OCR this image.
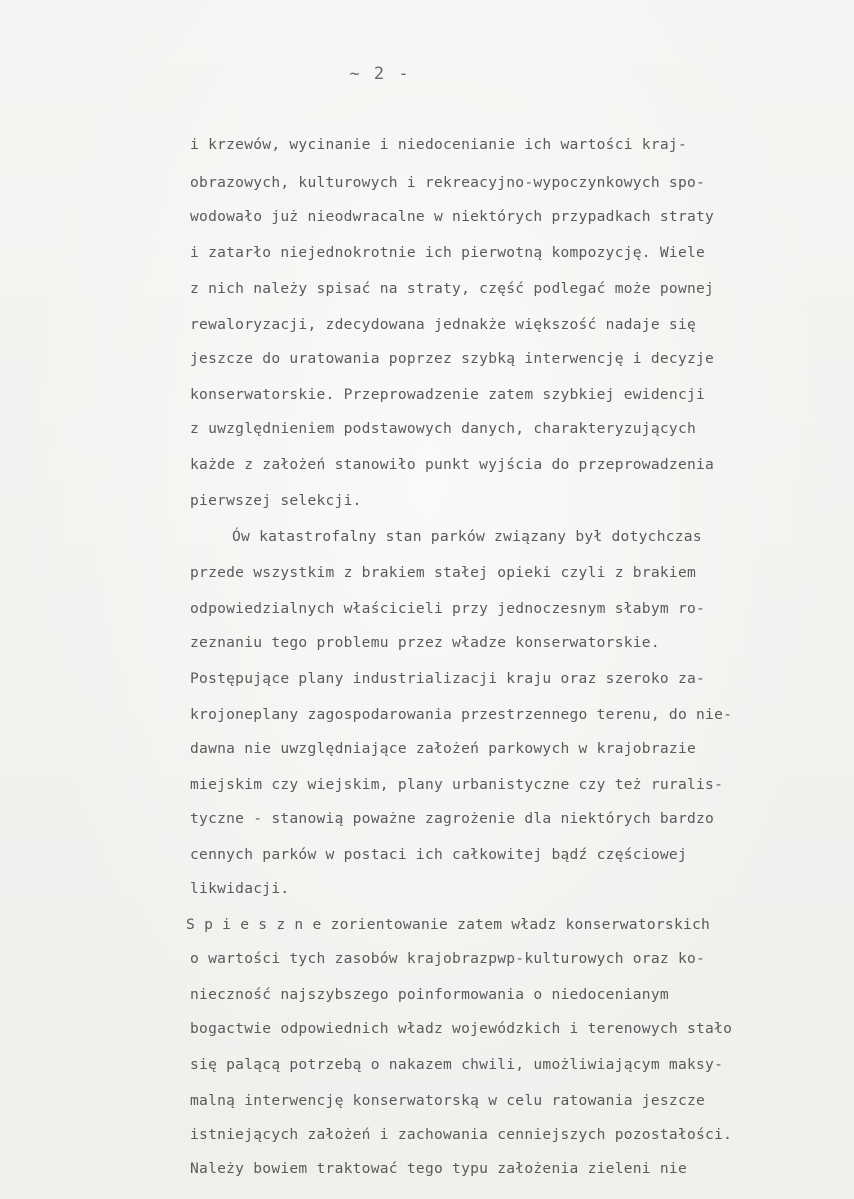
~ 2 -
i krzewów, wycinanie i niedocenianie ich wartości kraj-
obrazowych, kulturowych i rekreacyjno-wypoczynkowych spo-
wodowało już nieodwracalne w niektórych przypadkach straty
i zatarło niejednokrotnie ich pierwotną kompozycję. Wiele
z nich należy spisać na straty, część podlegać może pownej
rewaloryzacji, zdecydowana jednakże większość nadaje się
jeszcze do uratowania poprzez szybką interwencję i decyzje
konserwatorskie. Przeprowadzenie zatem szybkiej ewidencji
z uwzględnieniem podstawowych danych, charakteryzujących
każde z założeń stanowiło punkt wyjścia do przeprowadzenia
pierwszej selekcji.
Ów katastrofalny stan parków związany był dotychczas
przede wszystkim z brakiem stałej opieki czyli z brakiem
odpowiedzialnych właścicieli przy jednoczesnym słabym ro-
zeznaniu tego problemu przez władze konserwatorskie.
Postępujące plany industrializacji kraju oraz szeroko za-
krojoneplany zagospodarowania przestrzennego terenu, do nie-
dawna nie uwzględniające założeń parkowych w krajobrazie
miejskim czy wiejskim, plany urbanistyczne czy też ruralis-
tyczne - stanowią poważne zagrożenie dla niektórych bardzo
cennych parków w postaci ich całkowitej bądź częściowej
likwidacji.
S p i e s z n e zorientowanie zatem władz konserwatorskich
o wartości tych zasobów krajobrazpwp-kulturowych oraz ko-
nieczność najszybszego poinformowania o niedocenianym
bogactwie odpowiednich władz wojewódzkich i terenowych stało
się palącą potrzebą o nakazem chwili, umożliwiającym maksy-
malną interwencję konserwatorską w celu ratowania jeszcze
istniejących założeń i zachowania cenniejszych pozostałości.
Należy bowiem traktować tego typu założenia zieleni nie
